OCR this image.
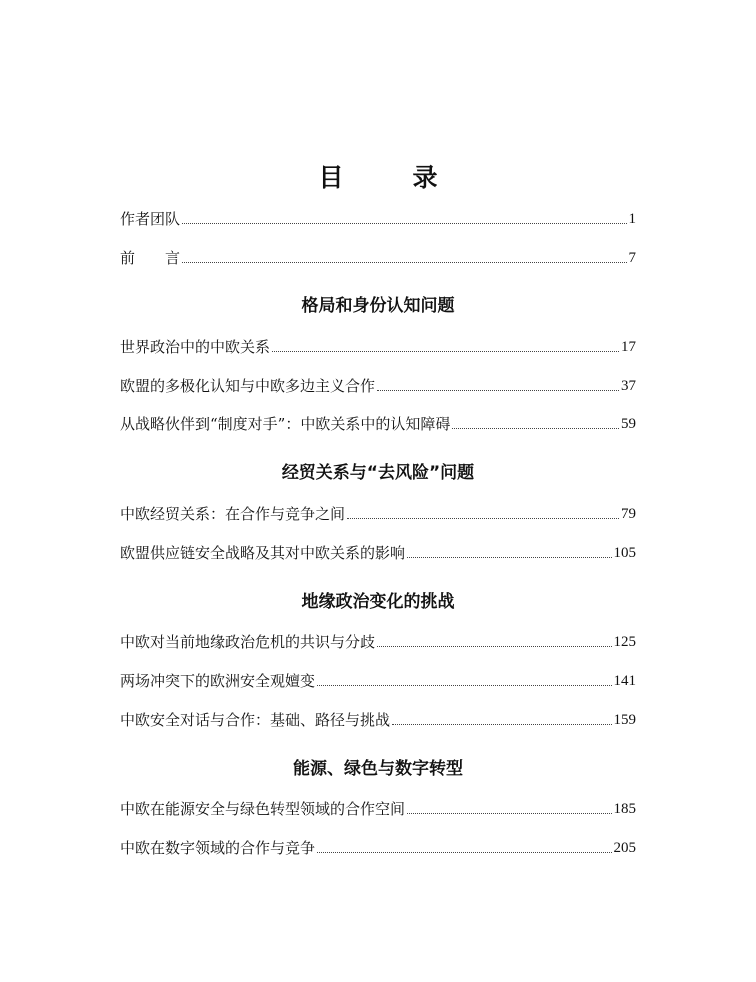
目　录
作者团队	1
前　　言	7
格局和身份认知问题
世界政治中的中欧关系	17
欧盟的多极化认知与中欧多边主义合作	37
从战略伙伴到“制度对手”：中欧关系中的认知障碍	59
经贸关系与“去风险”问题
中欧经贸关系：在合作与竞争之间	79
欧盟供应链安全战略及其对中欧关系的影响	105
地缘政治变化的挑战
中欧对当前地缘政治危机的共识与分歧	125
两场冲突下的欧洲安全观嬗变	141
中欧安全对话与合作：基础、路径与挑战	159
能源、绿色与数字转型
中欧在能源安全与绿色转型领域的合作空间	185
中欧在数字领域的合作与竞争	205
